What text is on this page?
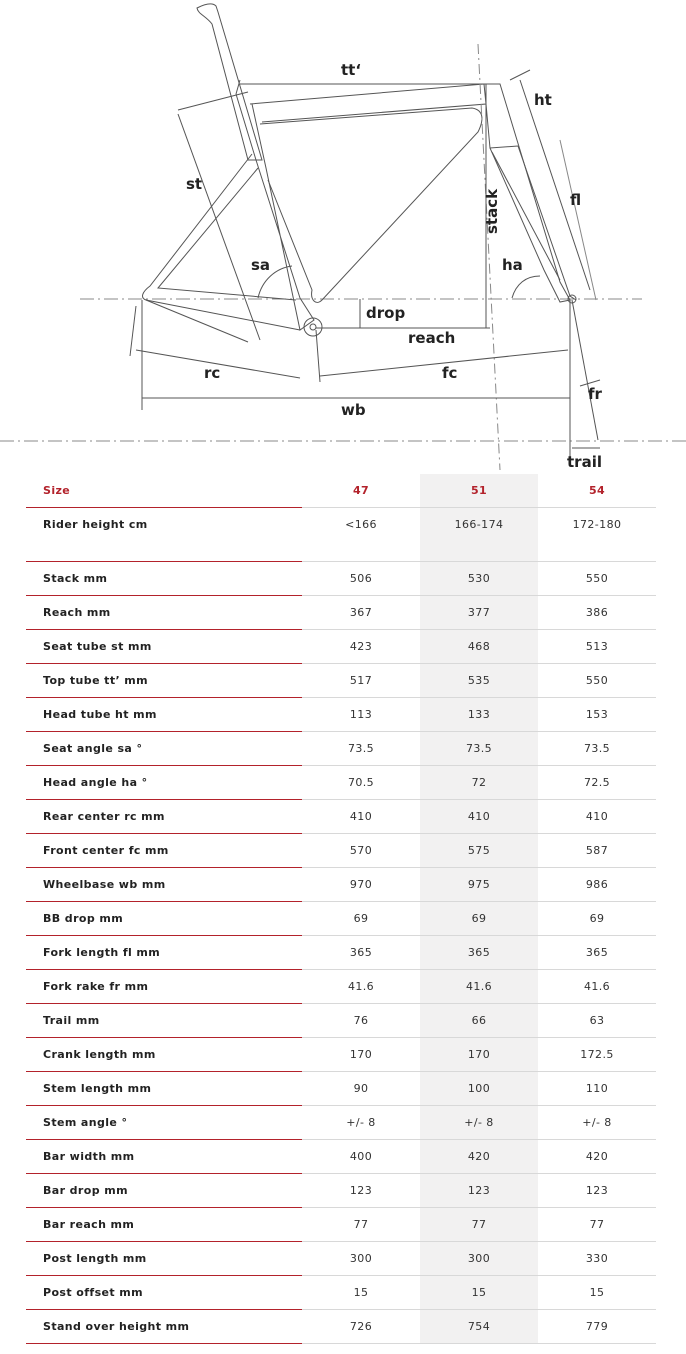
tt‘
ht
st
stack	fl
sa	ha
drop
reach
rc	fc
wb
fr
trail
Size	47	51	54
Rider height cm	<166	166-174	172-180
Stack mm	506	530	550
Reach mm	367	377	386
Seat tube st mm	423	468	513
Top tube tt’ mm	517	535	550
Head tube ht mm	113	133	153
Seat angle sa °	73.5	73.5	73.5
Head angle ha °	70.5	72	72.5
Rear center rc mm	410	410	410
Front center fc mm	570	575	587
Wheelbase wb mm	970	975	986
BB drop mm	69	69	69
Fork length fl mm	365	365	365
Fork rake fr mm	41.6	41.6	41.6
Trail mm	76	66	63
Crank length mm	170	170	172.5
Stem length mm	90	100	110
Stem angle °	+/- 8	+/- 8	+/- 8
Bar width mm	400	420	420
Bar drop mm	123	123	123
Bar reach mm	77	77	77
Post length mm	300	300	330
Post offset mm	15	15	15
Stand over height mm	726	754	779
